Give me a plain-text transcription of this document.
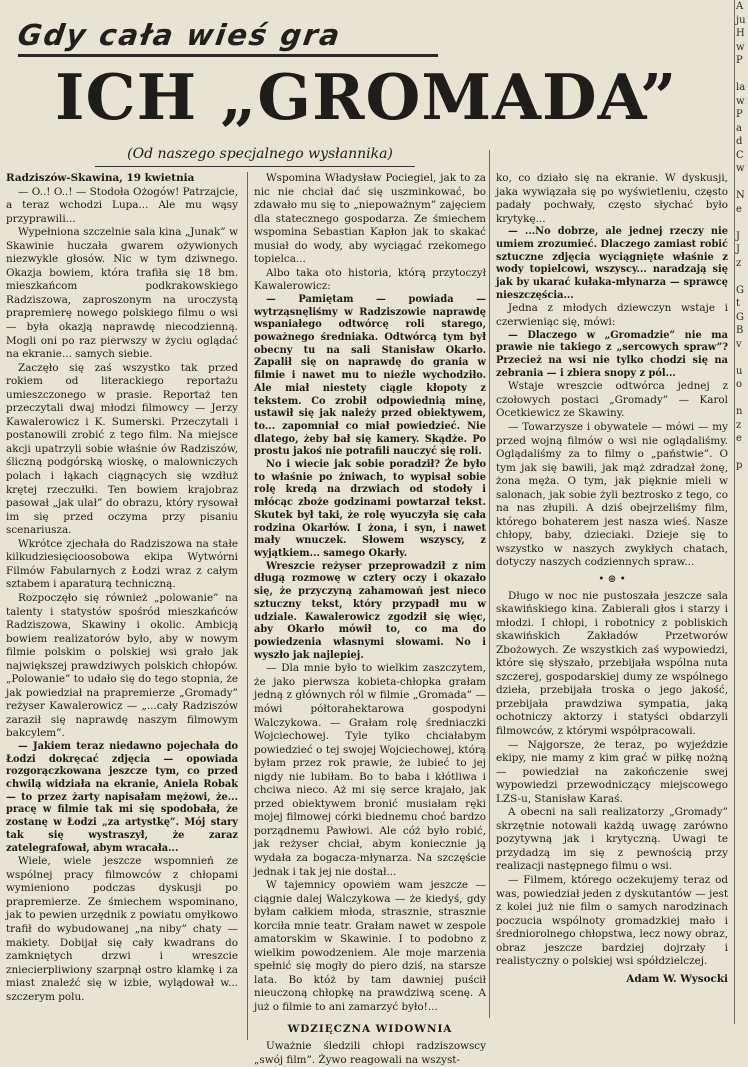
Gdy cała wieś gra
ICH „GROMADA”
(Od naszego specjalnego wysłannika)

Radziszów-Skawina, 19 kwietnia

— O..! O..! — Stodoła Ożogów! Patrzajcie, a teraz wchodzi Lupa... Ale mu wąsy przyprawili...

Wypełniona szczelnie sala kina „Junak” w Skawinie huczała gwarem ożywionych niezwykle głosów. Nic w tym dziwnego. Okazja bowiem, która trafiła się 18 bm. mieszkańcom podkrakowskiego Radziszowa, zaproszonym na uroczystą prapremierę nowego polskiego filmu o wsi — była okazją naprawdę niecodzienną. Mogli oni po raz pierwszy w życiu oglądać na ekranie... samych siebie.

Zaczęło się zaś wszystko tak przed rokiem od literackiego reportażu umieszczonego w prasie. Reportaż ten przeczytali dwaj młodzi filmowcy — Jerzy Kawalerowicz i K. Sumerski. Przeczytali i postanowili zrobić z tego film. Na miejsce akcji upatrzyli sobie właśnie ów Radziszów, śliczną podgórską wioskę, o malowniczych polach i łąkach ciągnących się wzdłuż krętej rzeczułki. Ten bowiem krajobraz pasował „jak ulał” do obrazu, który rysował im się przed oczyma przy pisaniu scenariusza.

Wkrótce zjechała do Radziszowa na stałe kilkudziesięcioosobowa ekipa Wytwórni Filmów Fabularnych z Łodzi wraz z całym sztabem i aparaturą techniczną.

Rozpoczęło się również „polowanie” na talenty i statystów spośród mieszkańców Radziszowa, Skawiny i okolic. Ambicją bowiem realizatorów było, aby w nowym filmie polskim o polskiej wsi grało jak największej prawdziwych polskich chłopów. „Polowanie” to udało się do tego stopnia, że jak powiedział na prapremierze „Gromady” reżyser Kawalerowicz — „...cały Radziszów zaraził się naprawdę naszym filmowym bakcylem”.

— Jakiem teraz niedawno pojechała do Łodzi dokręcać zdjęcia — opowiada rozgorączkowana jeszcze tym, co przed chwilą widziała na ekranie, Aniela Robak — to przez żarty napisałam mężowi, że... pracę w filmie tak mi się spodobała, że zostanę w Łodzi „za artystkę”. Mój stary tak się wystraszył, że zaraz zatelegrafował, abym wracała...

Wiele, wiele jeszcze wspomnień ze wspólnej pracy filmowców z chłopami wymieniono podczas dyskusji po prapremierze. Ze śmiechem wspominano, jak to pewien urzędnik z powiatu omyłkowo trafił do wybudowanej „na niby” chaty — makiety. Dobijał się cały kwadrans do zamkniętych drzwi i wreszcie zniecierpliwiony szarpnął ostro klamkę i za miast znaleźć się w izbie, wylądował w... szczerym polu.

Wspomina Władysław Pociegiel, jak to za nic nie chciał dać się uszminkować, bo zdawało mu się to „niepoważnym” zajęciem dla statecznego gospodarza. Ze śmiechem wspomina Sebastian Kapłon jak to skakać musiał do wody, aby wyciągać rzekomego topielca...

Albo taka oto historia, którą przytoczył Kawalerowicz:

— Pamiętam — powiada — wytrząsnęliśmy w Radziszowie naprawdę wspaniałego odtwórcę roli starego, poważnego średniaka. Odtwórcą tym był obecny tu na sali Stanisław Okarło. Zapalił się on naprawdę do grania w filmie i nawet mu to nieźle wychodziło. Ale miał niestety ciągle kłopoty z tekstem. Co zrobił odpowiednią minę, ustawił się jak należy przed obiektywem, to... zapomniał co miał powiedzieć. Nie dlatego, żeby bał się kamery. Skądże. Po prostu jakoś nie potrafili nauczyć się roli.

No i wiecie jak sobie poradził? Że było to właśnie po żniwach, to wypisał sobie rolę kredą na drzwiach od stodoły i młócąc zboże godzinami powtarzał tekst. Skutek był taki, że rolę wyuczyła się cała rodzina Okarłów. I żona, i syn, i nawet mały wnuczek. Słowem wszyscy, z wyjątkiem... samego Okarły.

Wreszcie reżyser przeprowadził z nim długą rozmowę w cztery oczy i okazało się, że przyczyną zahamowań jest nieco sztuczny tekst, który przypadł mu w udziale. Kawalerowicz zgodził się więc, aby Okarło mówił to, co ma do powiedzenia własnymi słowami. No i wyszło jak najlepiej.

— Dla mnie było to wielkim zaszczytem, że jako pierwsza kobieta-chłopka grałam jedną z głównych ról w filmie „Gromada” — mówi półtorahektarowa gospodyni Walczykowa. — Grałam rolę średniaczki Wojciechowej. Tyle tylko chciałabym powiedzieć o tej swojej Wojciechowej, którą byłam przez rok prawie, że lubieć to jej nigdy nie lubiłam. Bo to baba i kłótliwa i chciwa nieco. Aż mi się serce krajało, jak przed obiektywem bronić musiałam ręki mojej filmowej córki biednemu choć bardzo porządnemu Pawłowi. Ale cóż było robić, jak reżyser chciał, abym koniecznie ją wydała za bogacza-młynarza. Na szczęście jednak i tak jej nie dostał...

W tajemnicy opowiem wam jeszcze — ciągnie dalej Walczykowa — że kiedyś, gdy byłam całkiem młoda, strasznie, strasznie korciła mnie teatr. Grałam nawet w zespole amatorskim w Skawinie. I to podobno z wielkim powodzeniem. Ale moje marzenia spełnić się mogły do piero dziś, na starsze lata. Bo któż by tam dawniej puścił nieuczoną chłopkę na prawdziwą scenę. A już o filmie to ani zamarzyć było!...

WDZIĘCZNA WIDOWNIA

Uważnie śledzili chłopi radziszowscy „swój film”. Żywo reagowali na wszyst-

ko, co działo się na ekranie. W dyskusji, jaka wywiązała się po wyświetleniu, często padały pochwały, często słychać było krytykę...

— ...No dobrze, ale jednej rzeczy nie umiem zrozumieć. Dlaczego zamiast robić sztuczne zdjęcia wyciągnięte właśnie z wody topielcowi, wszyscy... naradzają się jak by ukarać kułaka-młynarza — sprawcę nieszczęścia...

Jedna z młodych dziewczyn wstaje i czerwieniąc się, mówi:

— Dlaczego w „Gromadzie” nie ma prawie nie takiego z „sercowych spraw”? Przecież na wsi nie tylko chodzi się na zebrania — i zbiera snopy z pól...

Wstaje wreszcie odtwórca jednej z czołowych postaci „Gromady” — Karol Ocetkiewicz ze Skawiny.

— Towarzysze i obywatele — mówi — my przed wojną filmów o wsi nie oglądaliśmy. Oglądaliśmy za to filmy o „państwie”. O tym jak się bawili, jak mąż zdradzał żonę, żona męża. O tym, jak pięknie mieli w salonach, jak sobie żyli beztrosko z tego, co na nas złupili. A dziś obejrzeliśmy film, którego bohaterem jest nasza wieś. Nasze chłopy, baby, dzieciaki. Dzieje się to wszystko w naszych zwykłych chatach, dotyczy naszych codziennych spraw...

• ⊛ •

Długo w noc nie pustoszała jeszcze sala skawińskiego kina. Zabierali głos i starzy i młodzi. I chłopi, i robotnicy z pobliskich skawińskich Zakładów Przetworów Zbożowych. Ze wszystkich zaś wypowiedzi, które się słyszało, przebijała wspólna nuta szczerej, gospodarskiej dumy ze wspólnego dzieła, przebijała troska o jego jakość, przebijała prawdziwa sympatia, jaką ochotniczy aktorzy i statyści obdarzyli filmowców, z którymi współpracowali.

— Najgorsze, że teraz, po wyjeździe ekipy, nie mamy z kim grać w piłkę nożną — powiedział na zakończenie swej wypowiedzi przewodniczący miejscowego LZS-u, Stanisław Karaś.

A obecni na sali realizatorzy „Gromady” skrzętnie notowali każdą uwagę zarówno pozytywną jak i krytyczną. Uwagi te przydadzą im się z pewnością przy realizacji następnego filmu o wsi.

— Filmem, którego oczekujemy teraz od was, powiedział jeden z dyskutantów — jest z kolei już nie film o samych narodzinach poczucia wspólnoty gromadzkiej mało i średniorolnego chłopstwa, lecz nowy obraz, obraz jeszcze bardziej dojrzały i realistyczny o polskiej wsi spółdzielczej.

Adam W. Wysocki
A
ju
H
w
P

la
w
P
a
d
C
w

N
e

J
J
z

G
t
G
B
v

u
o

n
z
e

p
